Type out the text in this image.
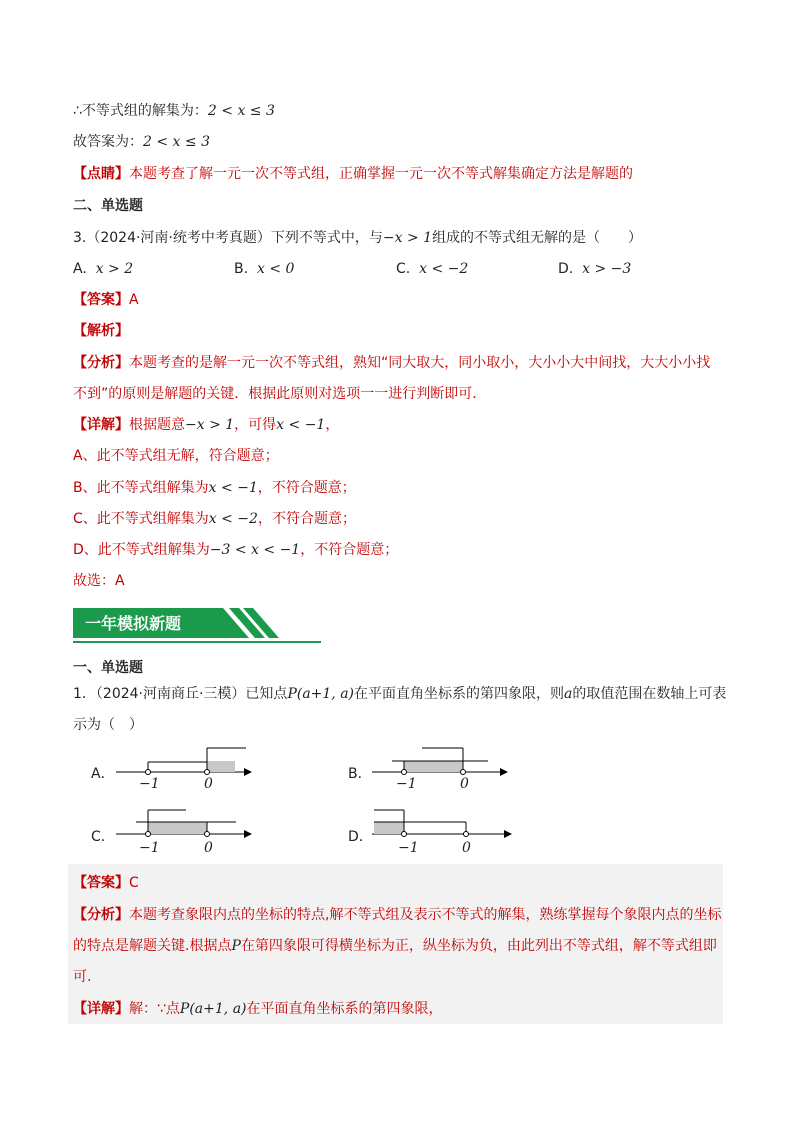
∴不等式组的解集为：2 < x ≤ 3
故答案为：2 < x ≤ 3
【点睛】本题考查了解一元一次不等式组，正确掌握一元一次不等式解集确定方法是解题的
二、单选题
3.（2024·河南·统考中考真题）下列不等式中，与−x > 1组成的不等式组无解的是（　　）
A. x > 2	B. x < 0	C. x < −2	D. x > −3
【答案】A
【解析】
【分析】本题考查的是解一元一次不等式组，熟知“同大取大，同小取小，大小小大中间找，大大小小找
不到”的原则是解题的关键．根据此原则对选项一一进行判断即可．
【详解】根据题意−x > 1，可得x < −1，
A、此不等式组无解，符合题意；
B、此不等式组解集为x < −1，不符合题意；
C、此不等式组解集为x < −2，不符合题意；
D、此不等式组解集为−3 < x < −1，不符合题意；
故选：A
一年模拟新题
一、单选题
1．（2024·河南商丘·三模）已知点P(a+1, a)在平面直角坐标系的第四象限，则a的取值范围在数轴上可表
示为（　）
A．
−1	0
B．
−1	0
C．
−1	0
D．
−1	0
【答案】C
【分析】本题考查象限内点的坐标的特点,解不等式组及表示不等式的解集，熟练掌握每个象限内点的坐标
的特点是解题关键.根据点P在第四象限可得横坐标为正，纵坐标为负，由此列出不等式组，解不等式组即
可.
【详解】解：∵点P(a+1, a)在平面直角坐标系的第四象限，
